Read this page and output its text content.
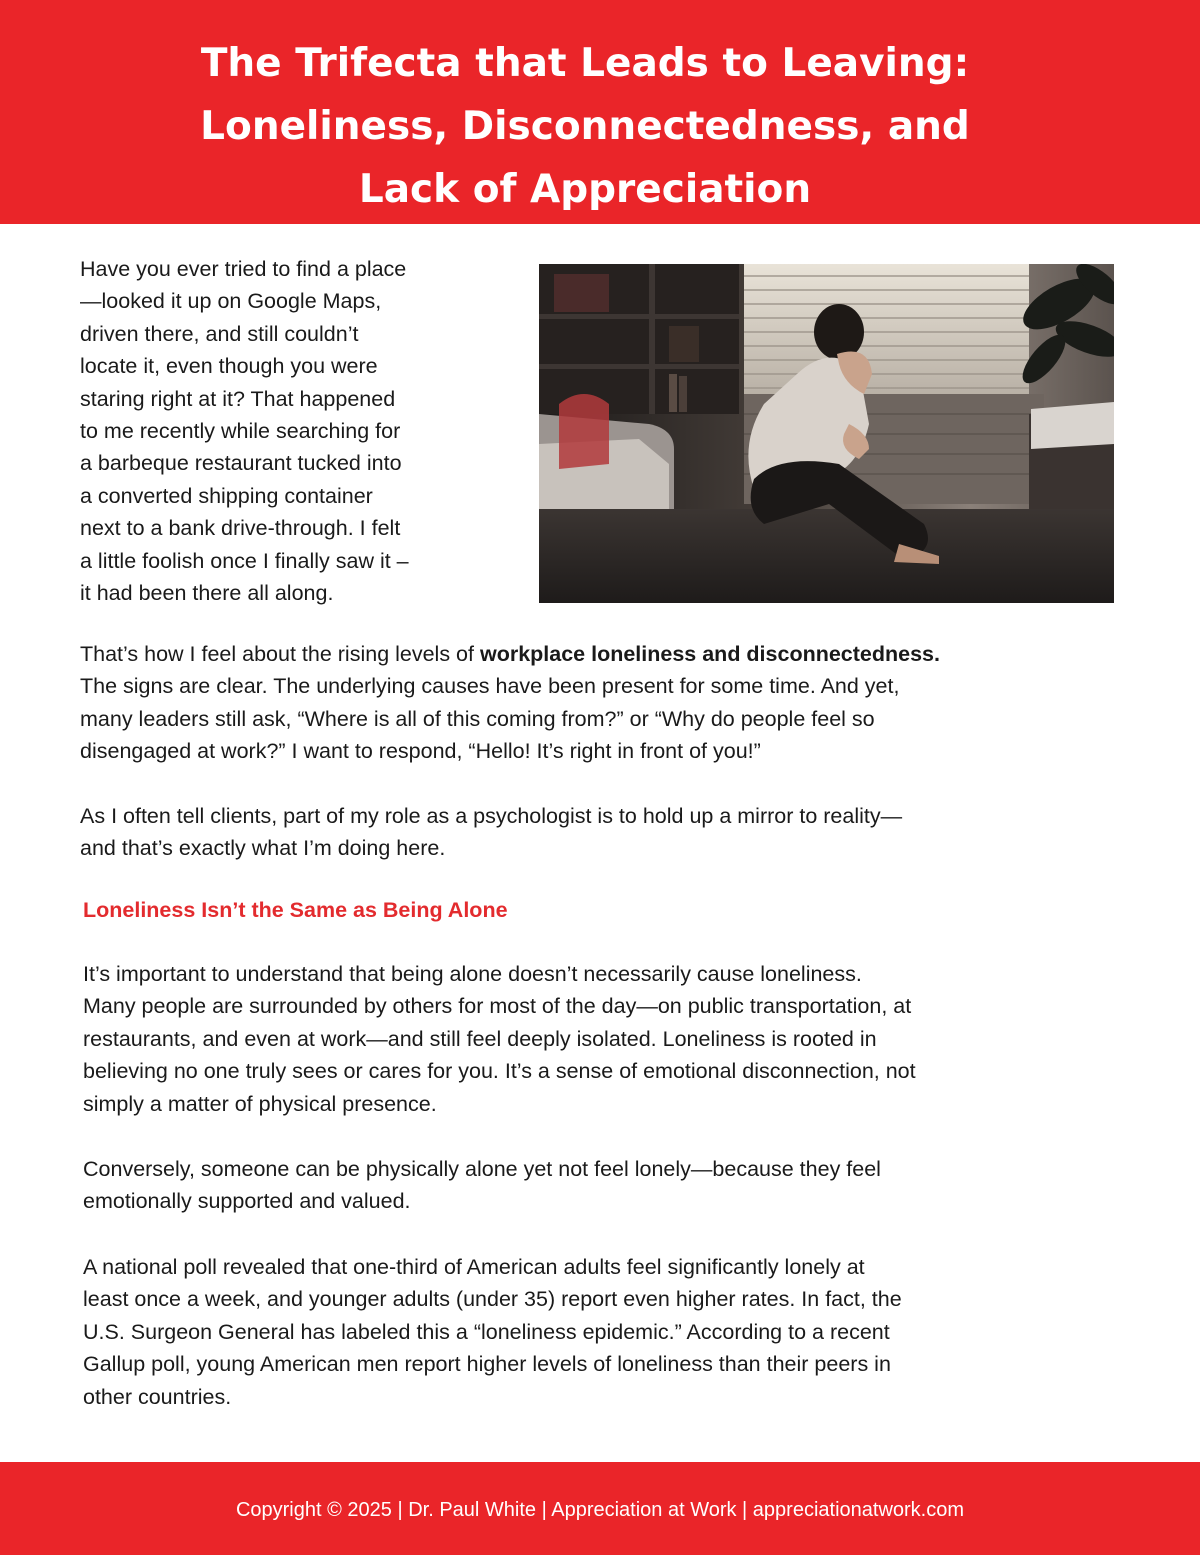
The Trifecta that Leads to Leaving:
Loneliness, Disconnectedness, and
Lack of Appreciation
Have you ever tried to find a place
—looked it up on Google Maps,
driven there, and still couldn’t
locate it, even though you were
staring right at it? That happened
to me recently while searching for
a barbeque restaurant tucked into
a converted shipping container
next to a bank drive-through. I felt
a little foolish once I finally saw it –
it had been there all along.
That’s how I feel about the rising levels of workplace loneliness and disconnectedness.
The signs are clear. The underlying causes have been present for some time. And yet,
many leaders still ask, “Where is all of this coming from?” or “Why do people feel so
disengaged at work?” I want to respond, “Hello! It’s right in front of you!”
As I often tell clients, part of my role as a psychologist is to hold up a mirror to reality—
and that’s exactly what I’m doing here.
Loneliness Isn’t the Same as Being Alone
It’s important to understand that being alone doesn’t necessarily cause loneliness.
Many people are surrounded by others for most of the day—on public transportation, at
restaurants, and even at work—and still feel deeply isolated. Loneliness is rooted in
believing no one truly sees or cares for you. It’s a sense of emotional disconnection, not
simply a matter of physical presence.
Conversely, someone can be physically alone yet not feel lonely—because they feel
emotionally supported and valued.
A national poll revealed that one-third of American adults feel significantly lonely at
least once a week, and younger adults (under 35) report even higher rates. In fact, the
U.S. Surgeon General has labeled this a “loneliness epidemic.” According to a recent
Gallup poll, young American men report higher levels of loneliness than their peers in
other countries.
Copyright © 2025 | Dr. Paul White | Appreciation at Work | appreciationatwork.com
